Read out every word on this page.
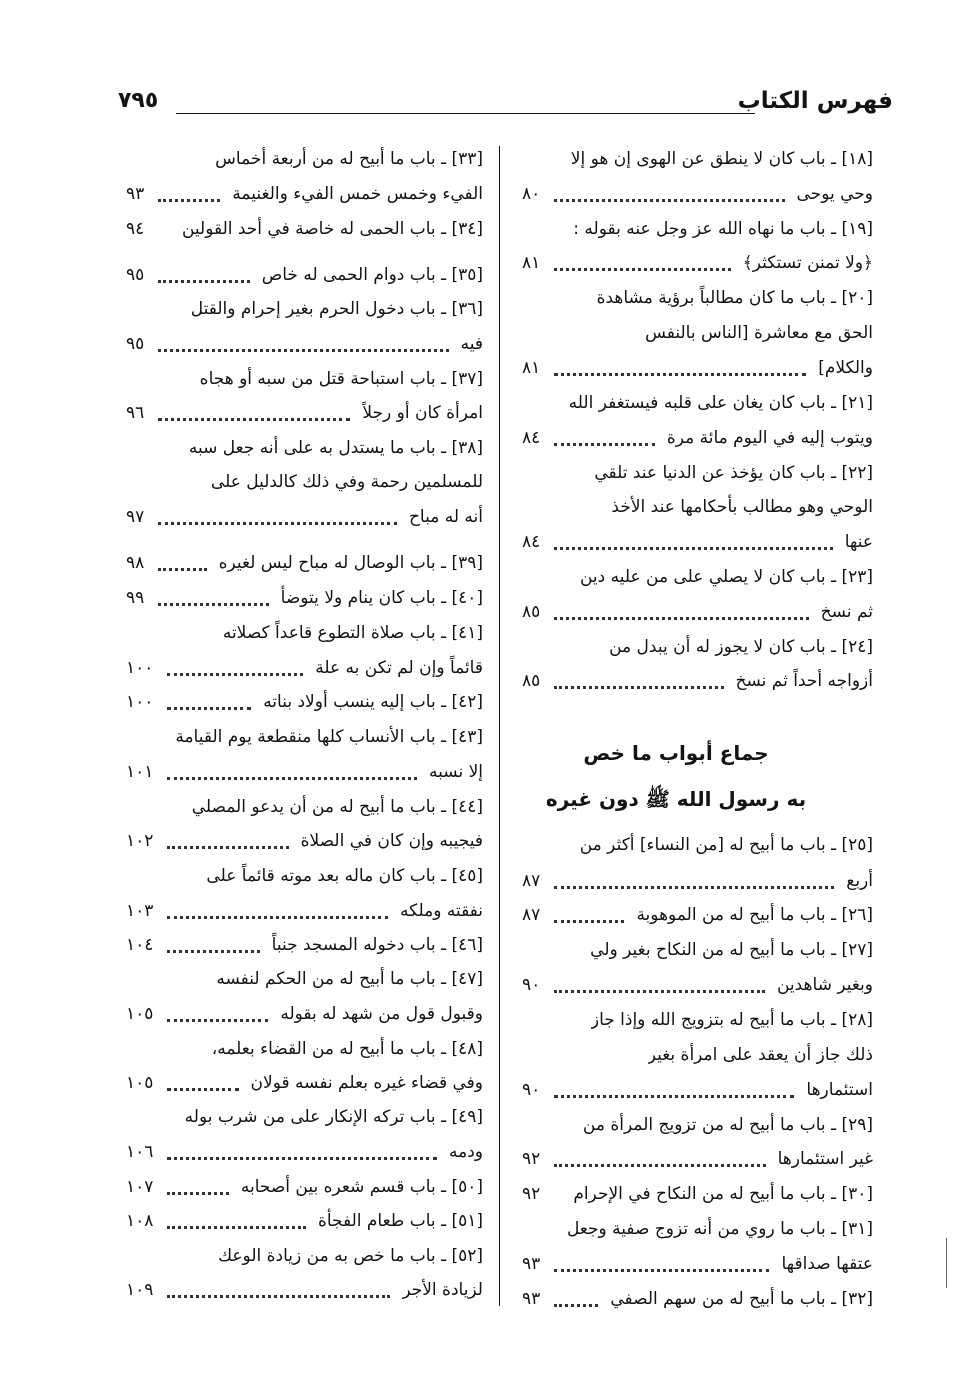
فهرس الكتاب
٧٩٥
جماع أبواب ما خص
به رسول الله ﷺ دون غيره
[١٨] ـ باب كان لا ينطق عن الهوى إن هو إلا
وحي يوحى
٨٠
[١٩] ـ باب ما نهاه الله عز وجل عنه بقوله :
﴿ولا تمنن تستكثر﴾
٨١
[٢٠] ـ باب ما كان مطالباً برؤية مشاهدة
الحق مع معاشرة [الناس بالنفس
والكلام]
٨١
[٢١] ـ باب كان يغان على قلبه فيستغفر الله
ويتوب إليه في اليوم مائة مرة
٨٤
[٢٢] ـ باب كان يؤخذ عن الدنيا عند تلقي
الوحي وهو مطالب بأحكامها عند الأخذ
عنها
٨٤
[٢٣] ـ باب كان لا يصلي على من عليه دين
ثم نسخ
٨٥
[٢٤] ـ باب كان لا يجوز له أن يبدل من
أزواجه أحداً ثم نسخ
٨٥
[٢٥] ـ باب ما أبيح له [من النساء] أكثر من
أربع
٨٧
[٢٦] ـ باب ما أبيح له من الموهوبة
٨٧
[٢٧] ـ باب ما أبيح له من النكاح بغير ولي
وبغير شاهدين
٩٠
[٢٨] ـ باب ما أبيح له بتزويج الله وإذا جاز
ذلك جاز أن يعقد على امرأة بغير
استئمارها
٩٠
[٢٩] ـ باب ما أبيح له من تزويج المرأة من
غير استئمارها
٩٢
[٣٠] ـ باب ما أبيح له من النكاح في الإحرام
٩٢
[٣١] ـ باب ما روي من أنه تزوج صفية وجعل
عتقها صداقها
٩٣
[٣٢] ـ باب ما أبيح له من سهم الصفي
٩٣
[٣٣] ـ باب ما أبيح له من أربعة أخماس
الفيء وخمس خمس الفيء والغنيمة
٩٣
[٣٤] ـ باب الحمى له خاصة في أحد القولين
٩٤
[٣٥] ـ باب دوام الحمى له خاص
٩٥
[٣٦] ـ باب دخول الحرم بغير إحرام والقتل
فيه
٩٥
[٣٧] ـ باب استباحة قتل من سبه أو هجاه
امرأة كان أو رجلاً
٩٦
[٣٨] ـ باب ما يستدل به على أنه جعل سبه
للمسلمين رحمة وفي ذلك كالدليل على
أنه له مباح
٩٧
[٣٩] ـ باب الوصال له مباح ليس لغيره
٩٨
[٤٠] ـ باب كان ينام ولا يتوضأ
٩٩
[٤١] ـ باب صلاة التطوع قاعداً كصلاته
قائماً وإن لم تكن به علة
١٠٠
[٤٢] ـ باب إليه ينسب أولاد بناته
١٠٠
[٤٣] ـ باب الأنساب كلها منقطعة يوم القيامة
إلا نسبه
١٠١
[٤٤] ـ باب ما أبيح له من أن يدعو المصلي
فيجيبه وإن كان في الصلاة
١٠٢
[٤٥] ـ باب كان ماله بعد موته قائماً على
نفقته وملكه
١٠٣
[٤٦] ـ باب دخوله المسجد جنباً
١٠٤
[٤٧] ـ باب ما أبيح له من الحكم لنفسه
وقبول قول من شهد له بقوله
١٠٥
[٤٨] ـ باب ما أبيح له من القضاء بعلمه،
وفي قضاء غيره بعلم نفسه قولان
١٠٥
[٤٩] ـ باب تركه الإنكار على من شرب بوله
ودمه
١٠٦
[٥٠] ـ باب قسم شعره بين أصحابه
١٠٧
[٥١] ـ باب طعام الفجأة
١٠٨
[٥٢] ـ باب ما خص به من زيادة الوعك
لزيادة الأجر
١٠٩
